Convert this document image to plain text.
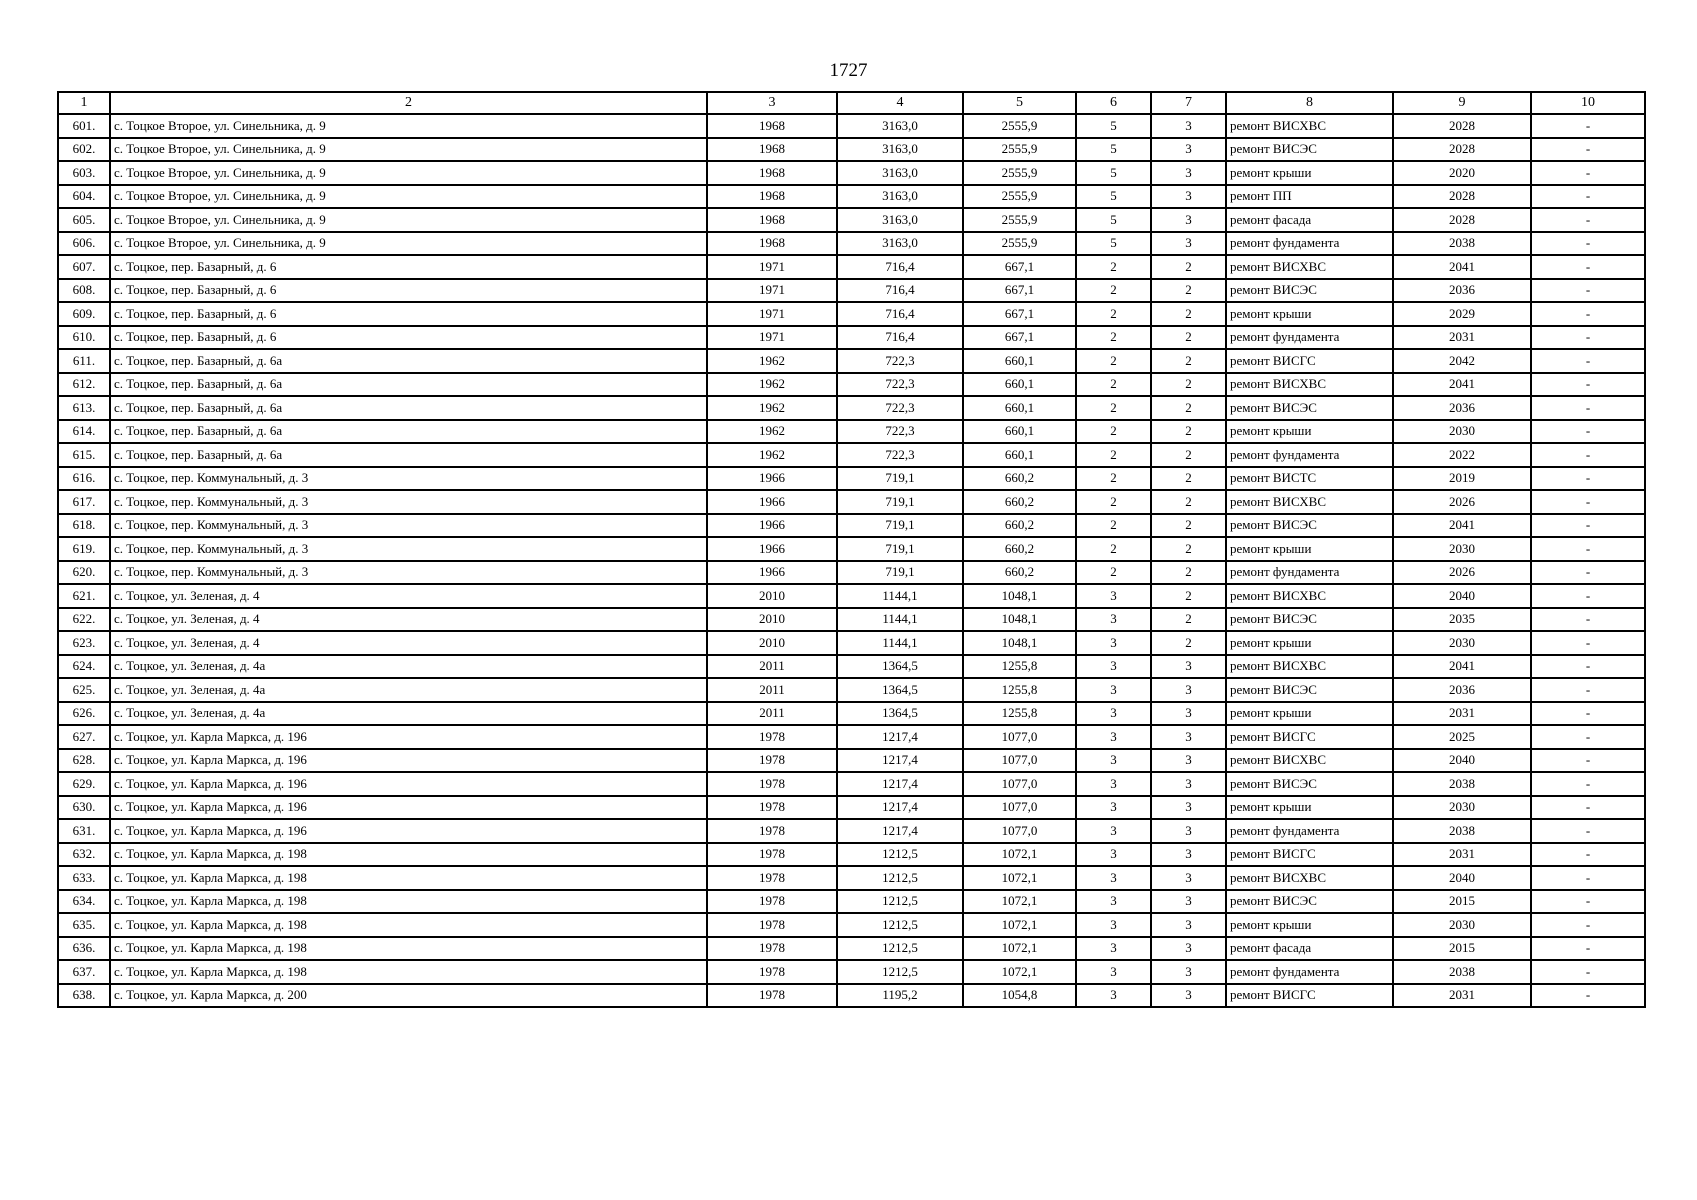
1727
1	2	3	4	5	6	7	8	9	10
601.	с. Тоцкое Второе, ул. Синельника, д. 9	1968	3163,0	2555,9	5	3	ремонт ВИСХВС	2028	-
602.	с. Тоцкое Второе, ул. Синельника, д. 9	1968	3163,0	2555,9	5	3	ремонт ВИСЭС	2028	-
603.	с. Тоцкое Второе, ул. Синельника, д. 9	1968	3163,0	2555,9	5	3	ремонт крыши	2020	-
604.	с. Тоцкое Второе, ул. Синельника, д. 9	1968	3163,0	2555,9	5	3	ремонт ПП	2028	-
605.	с. Тоцкое Второе, ул. Синельника, д. 9	1968	3163,0	2555,9	5	3	ремонт фасада	2028	-
606.	с. Тоцкое Второе, ул. Синельника, д. 9	1968	3163,0	2555,9	5	3	ремонт фундамента	2038	-
607.	с. Тоцкое, пер. Базарный, д. 6	1971	716,4	667,1	2	2	ремонт ВИСХВС	2041	-
608.	с. Тоцкое, пер. Базарный, д. 6	1971	716,4	667,1	2	2	ремонт ВИСЭС	2036	-
609.	с. Тоцкое, пер. Базарный, д. 6	1971	716,4	667,1	2	2	ремонт крыши	2029	-
610.	с. Тоцкое, пер. Базарный, д. 6	1971	716,4	667,1	2	2	ремонт фундамента	2031	-
611.	с. Тоцкое, пер. Базарный, д. 6а	1962	722,3	660,1	2	2	ремонт ВИСГС	2042	-
612.	с. Тоцкое, пер. Базарный, д. 6а	1962	722,3	660,1	2	2	ремонт ВИСХВС	2041	-
613.	с. Тоцкое, пер. Базарный, д. 6а	1962	722,3	660,1	2	2	ремонт ВИСЭС	2036	-
614.	с. Тоцкое, пер. Базарный, д. 6а	1962	722,3	660,1	2	2	ремонт крыши	2030	-
615.	с. Тоцкое, пер. Базарный, д. 6а	1962	722,3	660,1	2	2	ремонт фундамента	2022	-
616.	с. Тоцкое, пер. Коммунальный, д. 3	1966	719,1	660,2	2	2	ремонт ВИСТС	2019	-
617.	с. Тоцкое, пер. Коммунальный, д. 3	1966	719,1	660,2	2	2	ремонт ВИСХВС	2026	-
618.	с. Тоцкое, пер. Коммунальный, д. 3	1966	719,1	660,2	2	2	ремонт ВИСЭС	2041	-
619.	с. Тоцкое, пер. Коммунальный, д. 3	1966	719,1	660,2	2	2	ремонт крыши	2030	-
620.	с. Тоцкое, пер. Коммунальный, д. 3	1966	719,1	660,2	2	2	ремонт фундамента	2026	-
621.	с. Тоцкое, ул. Зеленая, д. 4	2010	1144,1	1048,1	3	2	ремонт ВИСХВС	2040	-
622.	с. Тоцкое, ул. Зеленая, д. 4	2010	1144,1	1048,1	3	2	ремонт ВИСЭС	2035	-
623.	с. Тоцкое, ул. Зеленая, д. 4	2010	1144,1	1048,1	3	2	ремонт крыши	2030	-
624.	с. Тоцкое, ул. Зеленая, д. 4а	2011	1364,5	1255,8	3	3	ремонт ВИСХВС	2041	-
625.	с. Тоцкое, ул. Зеленая, д. 4а	2011	1364,5	1255,8	3	3	ремонт ВИСЭС	2036	-
626.	с. Тоцкое, ул. Зеленая, д. 4а	2011	1364,5	1255,8	3	3	ремонт крыши	2031	-
627.	с. Тоцкое, ул. Карла Маркса, д. 196	1978	1217,4	1077,0	3	3	ремонт ВИСГС	2025	-
628.	с. Тоцкое, ул. Карла Маркса, д. 196	1978	1217,4	1077,0	3	3	ремонт ВИСХВС	2040	-
629.	с. Тоцкое, ул. Карла Маркса, д. 196	1978	1217,4	1077,0	3	3	ремонт ВИСЭС	2038	-
630.	с. Тоцкое, ул. Карла Маркса, д. 196	1978	1217,4	1077,0	3	3	ремонт крыши	2030	-
631.	с. Тоцкое, ул. Карла Маркса, д. 196	1978	1217,4	1077,0	3	3	ремонт фундамента	2038	-
632.	с. Тоцкое, ул. Карла Маркса, д. 198	1978	1212,5	1072,1	3	3	ремонт ВИСГС	2031	-
633.	с. Тоцкое, ул. Карла Маркса, д. 198	1978	1212,5	1072,1	3	3	ремонт ВИСХВС	2040	-
634.	с. Тоцкое, ул. Карла Маркса, д. 198	1978	1212,5	1072,1	3	3	ремонт ВИСЭС	2015	-
635.	с. Тоцкое, ул. Карла Маркса, д. 198	1978	1212,5	1072,1	3	3	ремонт крыши	2030	-
636.	с. Тоцкое, ул. Карла Маркса, д. 198	1978	1212,5	1072,1	3	3	ремонт фасада	2015	-
637.	с. Тоцкое, ул. Карла Маркса, д. 198	1978	1212,5	1072,1	3	3	ремонт фундамента	2038	-
638.	с. Тоцкое, ул. Карла Маркса, д. 200	1978	1195,2	1054,8	3	3	ремонт ВИСГС	2031	-
